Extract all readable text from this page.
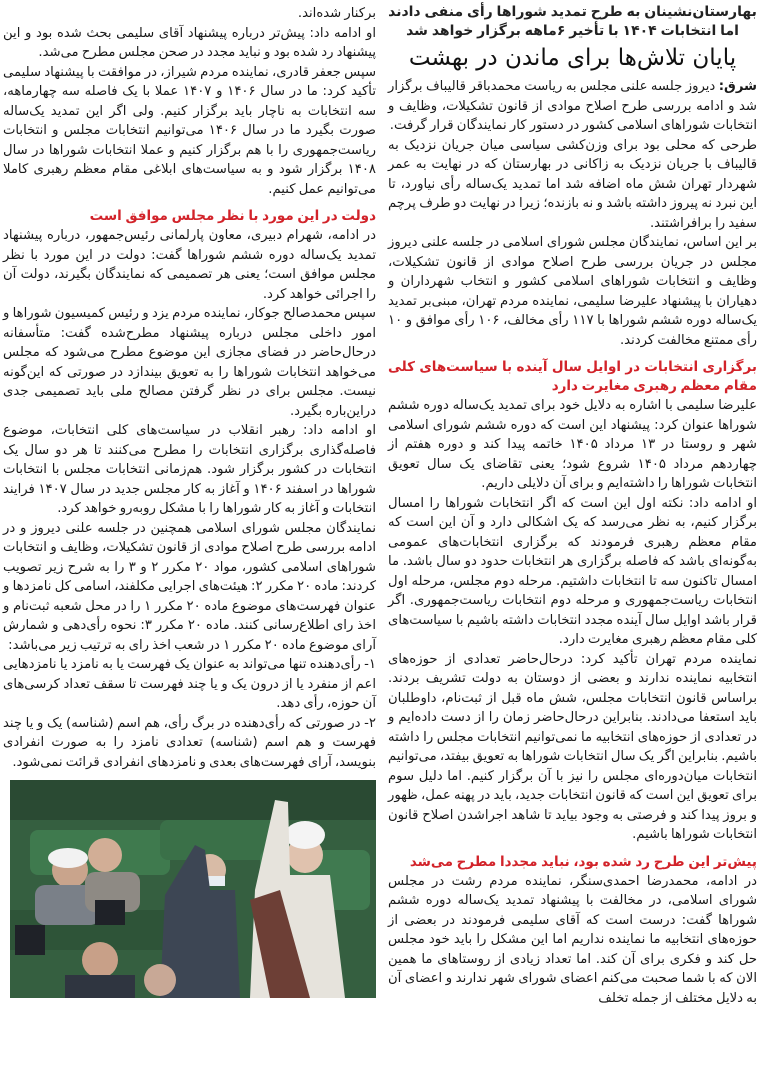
بهارستان‌نشینان به طرح تمدید شوراها رأی منفی دادند اما انتخابات ۱۴۰۴ با تأخیر ۶ماهه برگزار خواهد شد
پایان تلاش‌ها برای ماندن در بهشت

شرق: دیروز جلسه علنی مجلس به ریاست محمدباقر قالیباف برگزار شد و ادامه بررسی طرح اصلاح موادی از قانون تشکیلات، وظایف و انتخابات شوراهای اسلامی کشور در دستور کار نمایندگان قرار گرفت.

طرحی که محلی بود برای وزن‌کشی سیاسی میان جریان نزدیک به قالیباف با جریان نزدیک به زاکانی در بهارستان که در نهایت به عمر شهردار تهران شش ماه اضافه شد اما تمدید یک‌ساله رأی نیاورد، تا این نبرد نه پیروز داشته باشد و نه بازنده؛ زیرا در نهایت دو طرف پرچم سفید را برافراشتند.

بر این اساس، نمایندگان مجلس شورای اسلامی در جلسه علنی دیروز مجلس در جریان بررسی طرح اصلاح موادی از قانون تشکیلات، وظایف و انتخابات شوراهای اسلامی کشور و انتخاب شهرداران و دهیاران با پیشنهاد علیرضا سلیمی، نماینده مردم تهران، مبنی‌بر تمدید یک‌ساله دوره ششم شوراها با ۱۱۷ رأی مخالف، ۱۰۶ رأی موافق و ۱۰ رأی ممتنع مخالفت کردند.

برگزاری انتخابات در اوایل سال آینده با سیاست‌های کلی مقام معظم رهبری مغایرت دارد

علیرضا سلیمی با اشاره به دلایل خود برای تمدید یک‌ساله دوره ششم شوراها عنوان کرد: پیشنهاد این است که دوره ششم شورای اسلامی شهر و روستا در ۱۳ مرداد ۱۴۰۵ خاتمه پیدا کند و دوره هفتم از چهاردهم مرداد ۱۴۰۵ شروع شود؛ یعنی تقاضای یک سال تعویق انتخابات شوراها را داشته‌ایم و برای آن دلایلی داریم.

او ادامه داد: نکته اول این است که اگر انتخابات شوراها را امسال برگزار کنیم، به نظر می‌رسد که یک اشکالی دارد و آن این است که مقام معظم رهبری فرمودند که برگزاری انتخابات‌های عمومی به‌گونه‌ای باشد که فاصله برگزاری هر انتخابات حدود دو سال باشد. ما امسال تاکنون سه تا انتخابات داشتیم. مرحله دوم مجلس، مرحله اول انتخابات ریاست‌جمهوری و مرحله دوم انتخابات ریاست‌جمهوری. اگر قرار باشد اوایل سال آینده مجدد انتخابات داشته باشیم با سیاست‌های کلی مقام معظم رهبری مغایرت دارد.

نماینده مردم تهران تأکید کرد: درحال‌حاضر تعدادی از حوزه‌های انتخابیه نماینده ندارند و بعضی از دوستان به دولت تشریف بردند. براساس قانون انتخابات مجلس، شش ماه قبل از ثبت‌نام، داوطلبان باید استعفا می‌دادند. بنابراین درحال‌حاضر زمان را از دست داده‌ایم و در تعدادی از حوزه‌های انتخابیه ما نمی‌توانیم انتخابات مجلس را داشته باشیم. بنابراین اگر یک سال انتخابات شوراها به تعویق بیفتد، می‌توانیم انتخابات میان‌دوره‌ای مجلس را نیز با آن برگزار کنیم. اما دلیل سوم برای تعویق این است که قانون انتخابات جدید، باید در پهنه عمل، ظهور و بروز پیدا کند و فرصتی به وجود بیاید تا شاهد اجراشدن اصلاح قانون انتخابات شوراها باشیم.

پیش‌تر این طرح رد شده بود، نباید مجددا مطرح می‌شد

در ادامه، محمدرضا احمدی‌سنگر، نماینده مردم رشت در مجلس شورای اسلامی، در مخالفت با پیشنهاد تمدید یک‌ساله دوره ششم شوراها گفت: درست است که آقای سلیمی فرمودند در بعضی از حوزه‌های انتخابیه ما نماینده نداریم اما این مشکل را باید خود مجلس حل کند و فکری برای آن کند. اما تعداد زیادی از روستاهای ما همین الان که با شما صحبت می‌کنم اعضای شورای شهر ندارند و اعضای آن به دلایل مختلف از جمله تخلف

برکنار شده‌اند.

او ادامه داد: پیش‌تر درباره پیشنهاد آقای سلیمی بحث شده بود و این پیشنهاد رد شده بود و نباید مجدد در صحن مجلس مطرح می‌شد.

سپس جعفر قادری، نماینده مردم شیراز، در موافقت با پیشنهاد سلیمی تأکید کرد: ما در سال ۱۴۰۶ و ۱۴۰۷ عملا با یک فاصله سه چهارماهه، سه انتخابات به ناچار باید برگزار کنیم. ولی اگر این تمدید یک‌ساله صورت بگیرد ما در سال ۱۴۰۶ می‌توانیم انتخابات مجلس و انتخابات ریاست‌جمهوری را با هم برگزار کنیم و عملا انتخابات شوراها در سال ۱۴۰۸ برگزار شود و به سیاست‌های ابلاغی مقام معظم رهبری کاملا می‌توانیم عمل کنیم.

دولت در این مورد با نظر مجلس موافق است

در ادامه، شهرام دبیری، معاون پارلمانی رئیس‌جمهور، درباره پیشنهاد تمدید یک‌ساله دوره ششم شوراها گفت: دولت در این مورد با نظر مجلس موافق است؛ یعنی هر تصمیمی که نمایندگان بگیرند، دولت آن را اجرائی خواهد کرد.

سپس محمدصالح جوکار، نماینده مردم یزد و رئیس کمیسیون شوراها و امور داخلی مجلس درباره پیشنهاد مطرح‌شده گفت: متأسفانه درحال‌حاضر در فضای مجازی این موضوع مطرح می‌شود که مجلس می‌خواهد انتخابات شوراها را به تعویق بیندازد در صورتی که این‌گونه نیست. مجلس برای در نظر گرفتن مصالح ملی باید تصمیمی جدی دراین‌باره بگیرد.

او ادامه داد: رهبر انقلاب در سیاست‌های کلی انتخابات، موضوع فاصله‌گذاری برگزاری انتخابات را مطرح می‌کنند تا هر دو سال یک انتخابات در کشور برگزار شود. هم‌زمانی انتخابات مجلس با انتخابات شوراها در اسفند ۱۴۰۶ و آغاز به کار مجلس جدید در سال ۱۴۰۷ فرایند انتخابات و آغاز به کار شوراها را با مشکل روبه‌رو خواهد کرد.

نمایندگان مجلس شورای اسلامی همچنین در جلسه علنی دیروز و در ادامه بررسی طرح اصلاح موادی از قانون تشکیلات، وظایف و انتخابات شوراهای اسلامی کشور، مواد ۲۰ مکرر ۲ و ۳ را به شرح زیر تصویب کردند: ماده ۲۰ مکرر ۲: هیئت‌های اجرایی مکلفند، اسامی کل نامزدها و عنوان فهرست‌های موضوع ماده ۲۰ مکرر ۱ را در محل شعبه ثبت‌نام و اخذ رای اطلاع‌رسانی کنند. ماده ۲۰ مکرر ۳: نحوه رأی‌دهی و شمارش آرای موضوع ماده ۲۰ مکرر ۱ در شعب اخذ رای به ترتیب زیر می‌باشد:

۱- رأی‌دهنده تنها می‌تواند به عنوان یک فهرست یا به نامزد یا نامزدهایی اعم از منفرد یا از درون یک و یا چند فهرست تا سقف تعداد کرسی‌های آن حوزه، رأی دهد.

۲- در صورتی که رأی‌دهنده در برگ رأی، هم اسم (شناسه) یک و یا چند فهرست و هم اسم (شناسه) تعدادی نامزد را به صورت انفرادی بنویسد، آرای فهرست‌های بعدی و نامزدهای انفرادی قرائت نمی‌شود.
